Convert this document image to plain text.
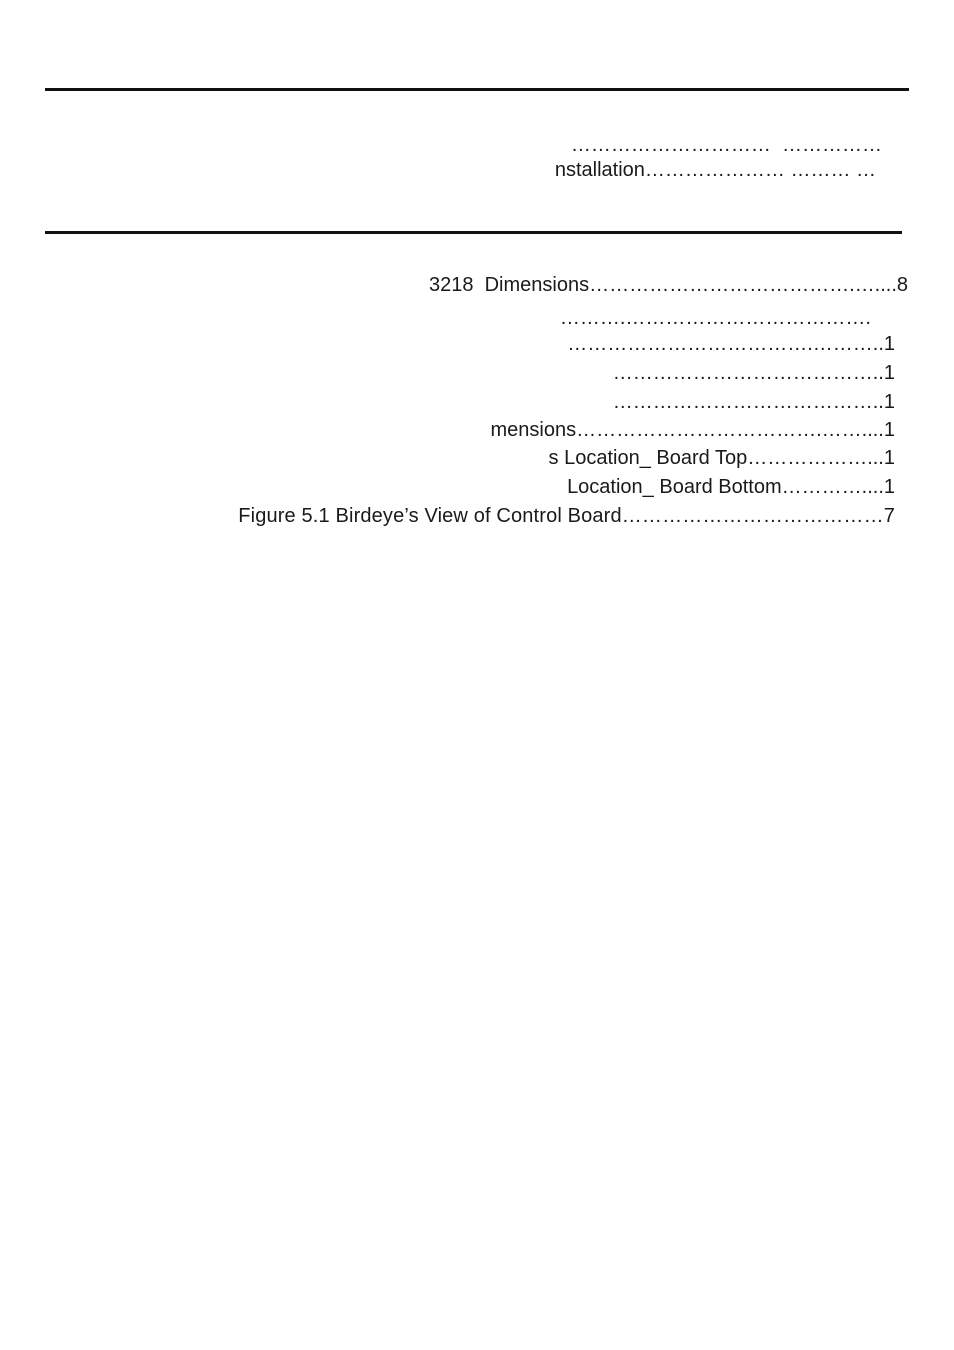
…………………………  ……………

nstallation………………… ……… …

3218  Dimensions………………………………….…....8

……….……………………………….

……………………………….………..1

…………………………………..1

…………………………………..1

mensions……………………………….……....1

s Location_ Board Top………………...1

Location_ Board Bottom…………....1

Figure 5.1 Birdeye’s View of Control Board…………………………………7
